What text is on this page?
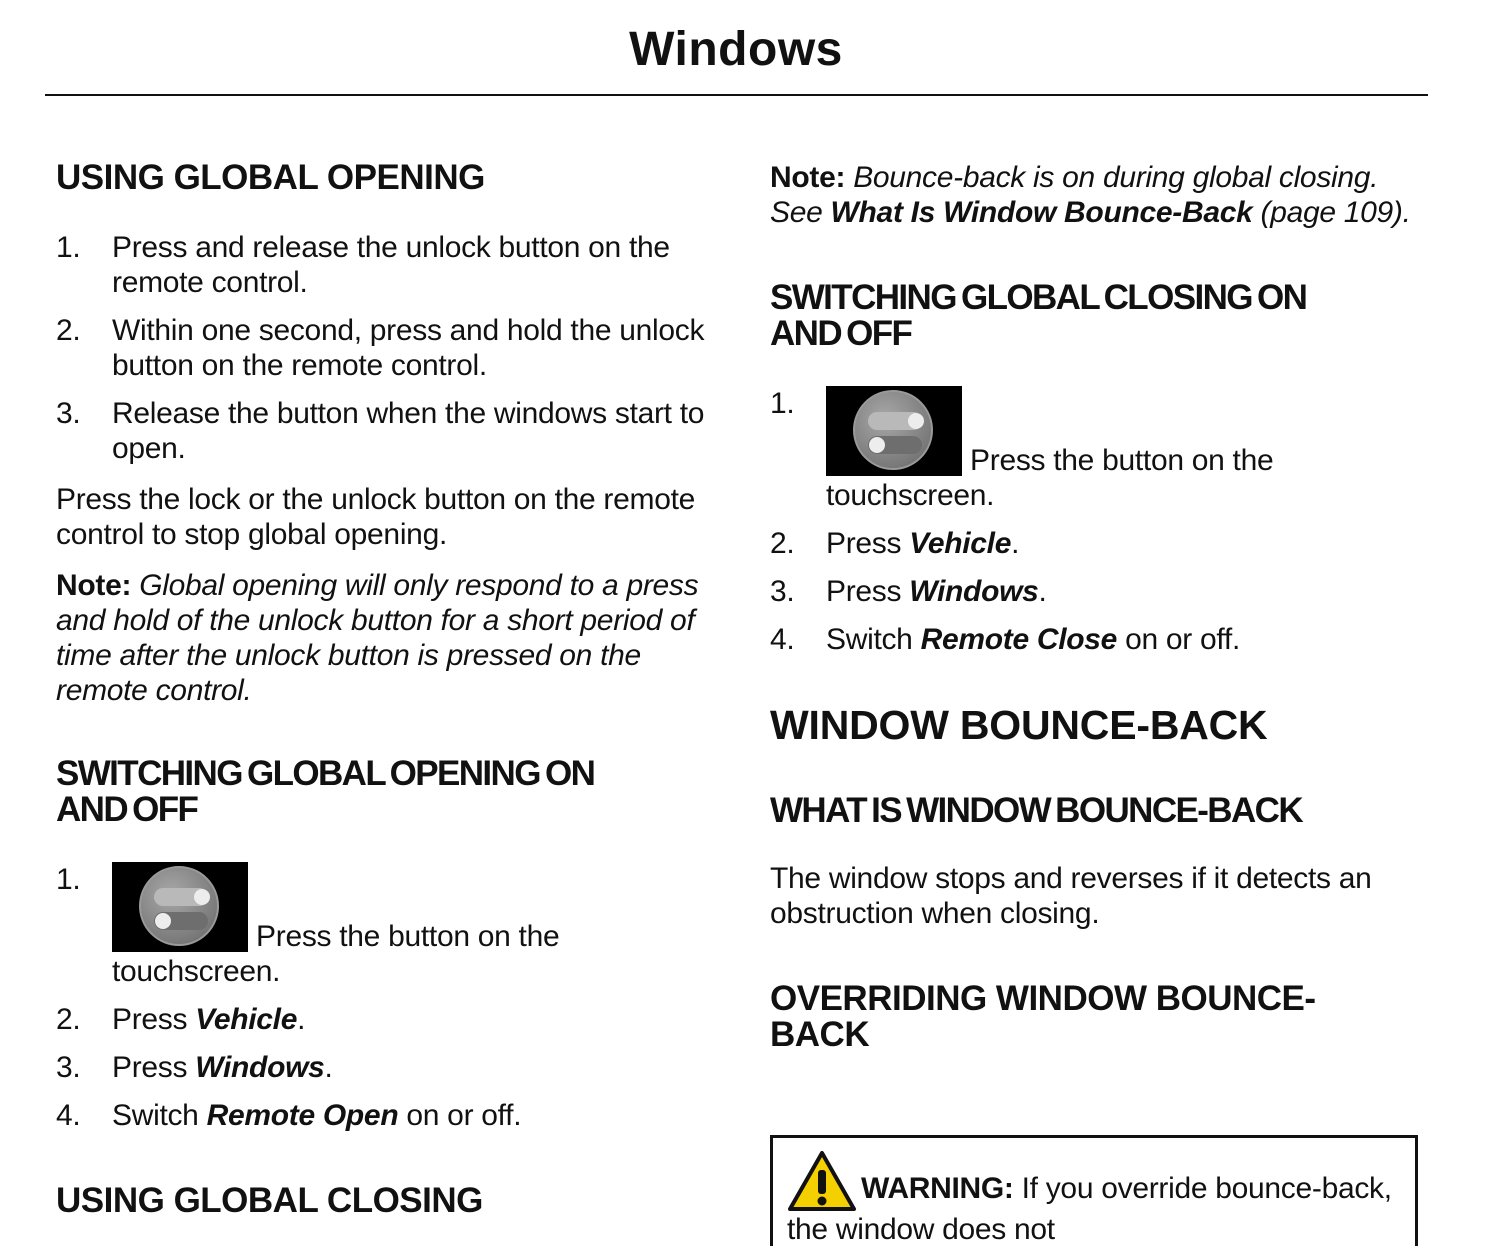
Windows
USING GLOBAL OPENING
1.	Press and release the unlock button on the remote control.
2.	Within one second, press and hold the unlock button on the remote control.
3.	Release the button when the windows start to open.

Press the lock or the unlock button on the remote control to stop global opening.

Note: Global opening will only respond to a press and hold of the unlock button for a short period of time after the unlock button is pressed on the remote control.

SWITCHING GLOBAL OPENING ON
AND OFF
1.
Press the button on the touchscreen.
2.	Press Vehicle.
3.	Press Windows.
4.	Switch Remote Open on or off.
USING GLOBAL CLOSING

Note: Bounce-back is on during global closing. See What Is Window Bounce-Back (page 109).

SWITCHING GLOBAL CLOSING ON
AND OFF
1.
Press the button on the touchscreen.
2.	Press Vehicle.
3.	Press Windows.
4.	Switch Remote Close on or off.
WINDOW BOUNCE-BACK
WHAT IS WINDOW BOUNCE-BACK

The window stops and reverses if it detects an obstruction when closing.

OVERRIDING WINDOW BOUNCE-
BACK
WARNING: If you override bounce-back, the window does not
